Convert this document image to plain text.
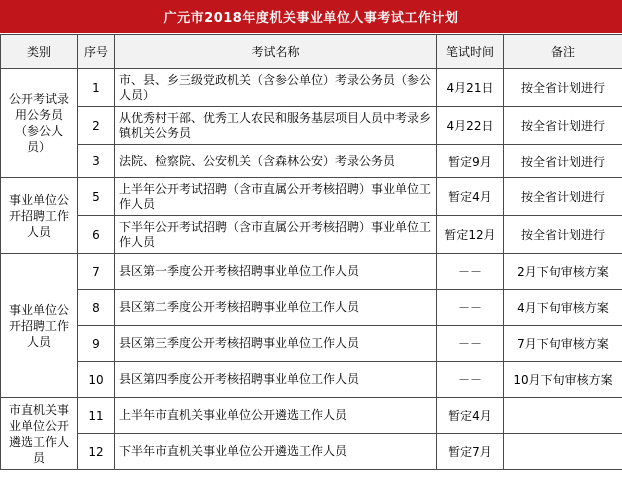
广元市2018年度机关事业单位人事考试工作计划
类别	序号	考试名称	笔试时间	备注
公开考试录用公务员（参公人员）	1	市、县、乡三级党政机关（含参公单位）考录公务员（参公人员）	4月21日	按全省计划进行
	2	从优秀村干部、优秀工人农民和服务基层项目人员中考录乡镇机关公务员	4月22日	按全省计划进行
	3	法院、检察院、公安机关（含森林公安）考录公务员	暂定9月	按全省计划进行
事业单位公开招聘工作人员	5	上半年公开考试招聘（含市直属公开考核招聘）事业单位工作人员	暂定4月	按全省计划进行
	6	下半年公开考试招聘（含市直属公开考核招聘）事业单位工作人员	暂定12月	按全省计划进行
事业单位公开招聘工作人员	7	县区第一季度公开考核招聘事业单位工作人员	－－	2月下旬审核方案
	8	县区第二季度公开考核招聘事业单位工作人员	－－	4月下旬审核方案
	9	县区第三季度公开考核招聘事业单位工作人员	－－	7月下旬审核方案
	10	县区第四季度公开考核招聘事业单位工作人员	－－	10月下旬审核方案
市直机关事业单位公开遴选工作人员	11	上半年市直机关事业单位公开遴选工作人员	暂定4月	
	12	下半年市直机关事业单位公开遴选工作人员	暂定7月	
